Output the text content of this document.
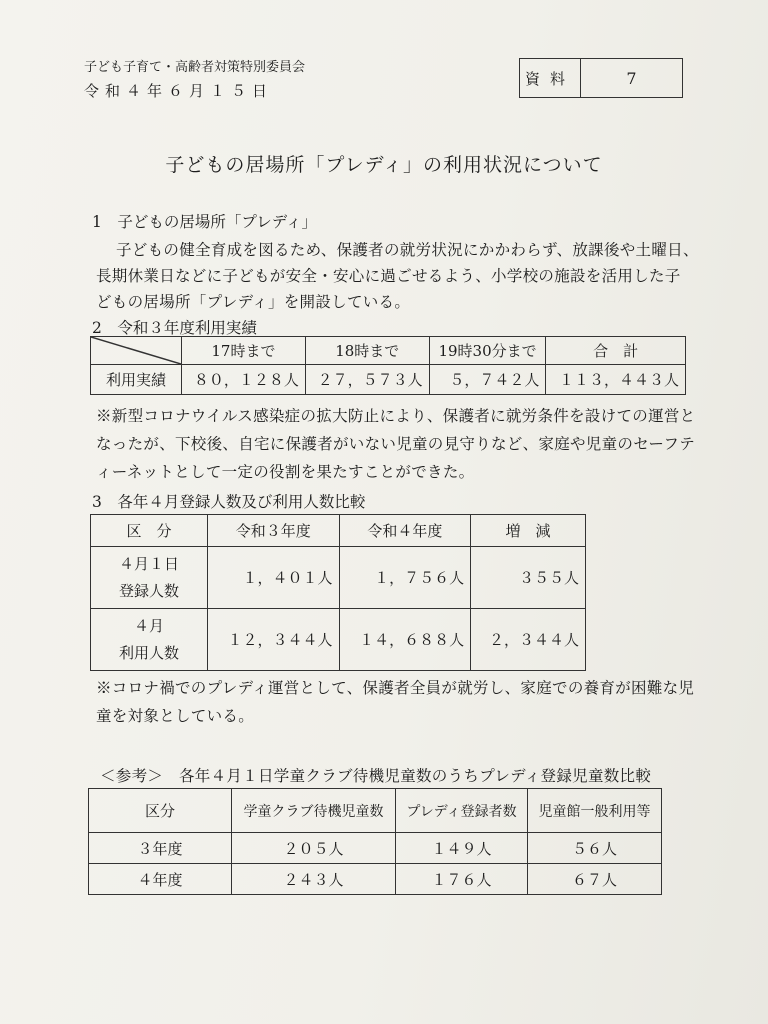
子ども子育て・高齢者対策特別委員会
令和４年６月１５日
資料	7
子どもの居場所「プレディ」の利用状況について
1　子どもの居場所「プレディ」
子どもの健全育成を図るため、保護者の就労状況にかかわらず、放課後や土曜日、
長期休業日などに子どもが安全・安心に過ごせるよう、小学校の施設を活用した子
どもの居場所「プレディ」を開設している。
2　令和３年度利用実績
	17時まで	18時まで	19時30分まで	合　計
利用実績	８０，１２８人	２７，５７３人	５，７４２人	１１３，４４３人
※新型コロナウイルス感染症の拡大防止により、保護者に就労条件を設けての運営と
なったが、下校後、自宅に保護者がいない児童の見守りなど、家庭や児童のセーフテ
ィーネットとして一定の役割を果たすことができた。
3　各年４月登録人数及び利用人数比較
区　分	令和３年度	令和４年度	増　減

４月１日
登録人数	１，４０１人	１，７５６人	３５５人

４月
利用人数	１２，３４４人	１４，６８８人	２，３４４人
※コロナ禍でのプレディ運営として、保護者全員が就労し、家庭での養育が困難な児
童を対象としている。
＜参考＞　各年４月１日学童クラブ待機児童数のうちプレディ登録児童数比較
区分	学童クラブ待機児童数	プレディ登録者数	児童館一般利用等
３年度	２０５人	１４９人	５６人
４年度	２４３人	１７６人	６７人
